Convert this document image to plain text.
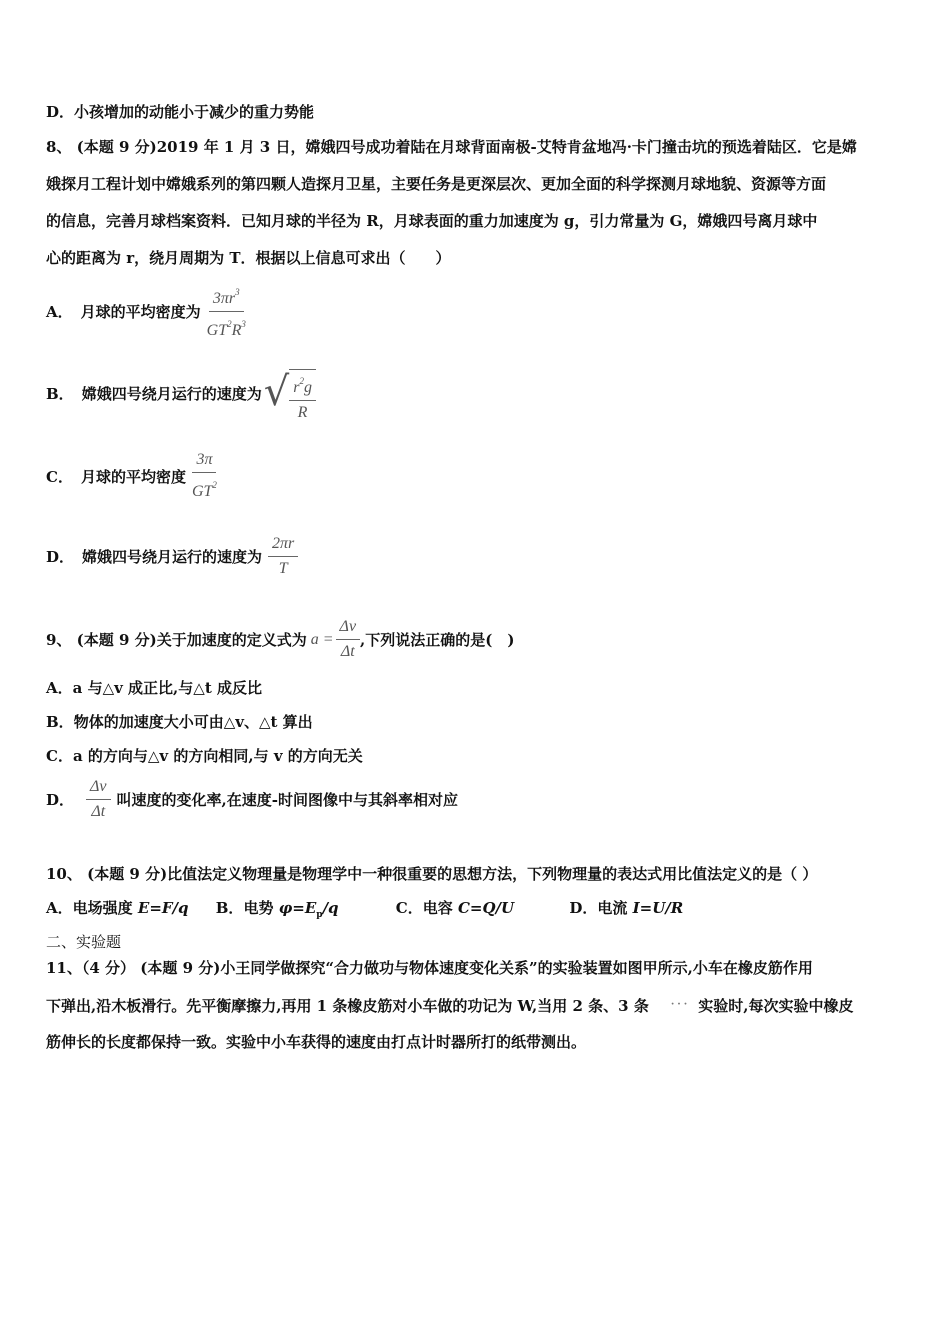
D．小孩增加的动能小于减少的重力势能
8、 (本题 9 分)2019 年 1 月 3 日，嫦娥四号成功着陆在月球背面南极-艾特肯盆地冯·卡门撞击坑的预选着陆区．它是嫦
娥探月工程计划中嫦娥系列的第四颗人造探月卫星，主要任务是更深层次、更加全面的科学探测月球地貌、资源等方面
的信息，完善月球档案资料．已知月球的半径为 R，月球表面的重力加速度为 g，引力常量为 G，嫦娥四号离月球中
心的距离为 r，绕月周期为 T．根据以上信息可求出（　　）
A． 月球的平均密度为 $\frac{3\pi r^3}{GT^2R^3}$
B． 嫦娥四号绕月运行的速度为 √ $\frac{r^2g}{R}$
C． 月球的平均密度 $\frac{3\pi}{GT^2}$
D． 嫦娥四号绕月运行的速度为 $\frac{2\pi r}{T}$
9、 (本题 9 分)关于加速度的定义式为 $a = \frac{\Delta v}{\Delta t}$ ,下列说法正确的是(　)
A．a 与△v 成正比,与△t 成反比
B．物体的加速度大小可由△v、△t 算出
C．a 的方向与△v 的方向相同,与 v 的方向无关
D． $\frac{\Delta v}{\Delta t}$ 叫速度的变化率,在速度-时间图像中与其斜率相对应
10、 (本题 9 分)比值法定义物理量是物理学中一种很重要的思想方法，下列物理量的表达式用比值法定义的是（ ）
A．电场强度 E=F/q B．电势 $\varphi=E_p/q$	C．电容 C=Q/U	D．电流 I=U/R
二、实验题
11、（4 分） (本题 9 分)小王同学做探究“合力做功与物体速度变化关系”的实验装置如图甲所示,小车在橡皮筋作用
下弹出,沿木板滑行。先平衡摩擦力,再用 1 条橡皮筋对小车做的功记为 W,当用 2 条、3 条 ··· 实验时,每次实验中橡皮
筋伸长的长度都保持一致。实验中小车获得的速度由打点计时器所打的纸带测出。
